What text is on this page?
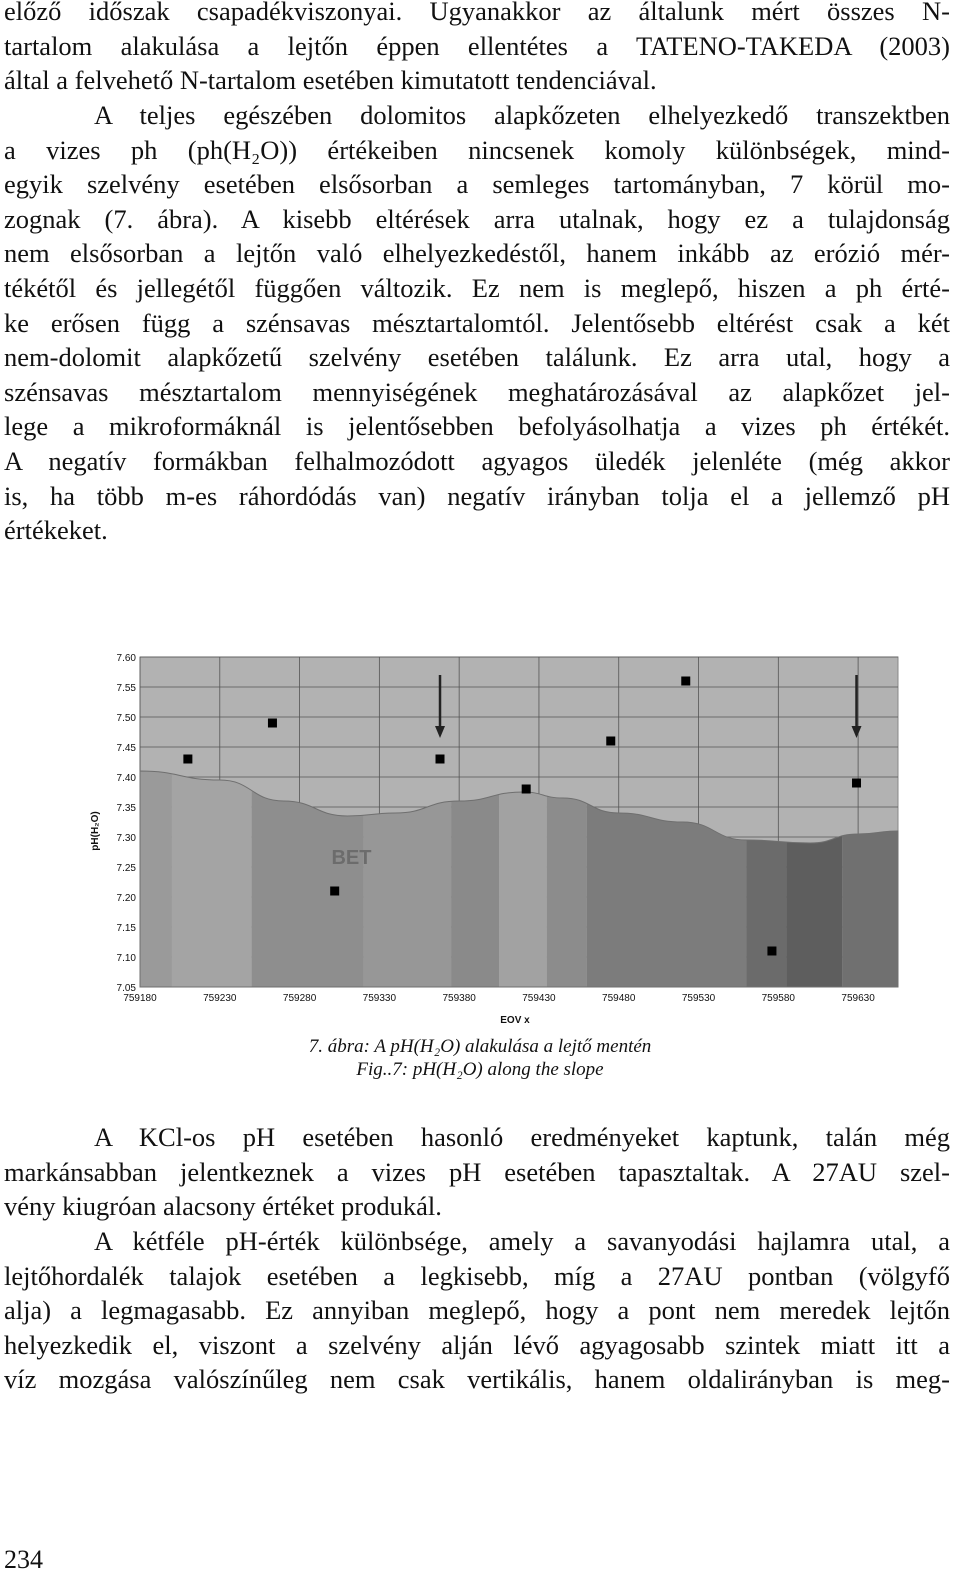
előző időszak csapadékviszonyai. Ugyanakkor az általunk mért összes N-
tartalom alakulása a lejtőn éppen ellentétes a TATENO-TAKEDA (2003)
által a felvehető N-tartalom esetében kimutatott tendenciával.
A teljes egészében dolomitos alapkőzeten elhelyezkedő transzektben
a vizes ph (ph(H₂O)) értékeiben nincsenek komoly különbségek, mind-
egyik szelvény esetében elsősorban a semleges tartományban, 7 körül mo-
zognak (7. ábra). A kisebb eltérések arra utalnak, hogy ez a tulajdonság
nem elsősorban a lejtőn való elhelyezkedéstől, hanem inkább az erózió mér-
tékétől és jellegétől függően változik. Ez nem is meglepő, hiszen a ph érté-
ke erősen függ a szénsavas mésztartalomtól. Jelentősebb eltérést csak a két
nem-dolomit alapkőzetű szelvény esetében találunk. Ez arra utal, hogy a
szénsavas mésztartalom mennyiségének meghatározásával az alapkőzet jel-
lege a mikroformáknál is jelentősebben befolyásolhatja a vizes ph értékét.
A negatív formákban felhalmozódott agyagos üledék jelenléte (még akkor
is, ha több m-es ráhordódás van) negatív irányban tolja el a jellemző pH
értékeket.
BET
7.60
7.55
7.50
7.45
7.40
7.35
7.30
7.25
7.20
7.15
7.10
7.05
759180	759230	759280	759330	759380	759430	759480	759530	759580	759630
EOV x
pH(H₂O)
7. ábra: A pH(H₂O) alakulása a lejtő mentén
Fig..7: pH(H₂O) along the slope
A KCl-os pH esetében hasonló eredményeket kaptunk, talán még
markánsabban jelentkeznek a vizes pH esetében tapasztaltak. A 27AU szel-
vény kiugróan alacsony értéket produkál.
A kétféle pH-érték különbsége, amely a savanyodási hajlamra utal, a
lejtőhordalék talajok esetében a legkisebb, míg a 27AU pontban (völgyfő
alja) a legmagasabb. Ez annyiban meglepő, hogy a pont nem meredek lejtőn
helyezkedik el, viszont a szelvény alján lévő agyagosabb szintek miatt itt a
víz mozgása valószínűleg nem csak vertikális, hanem oldalirányban is meg-
234
